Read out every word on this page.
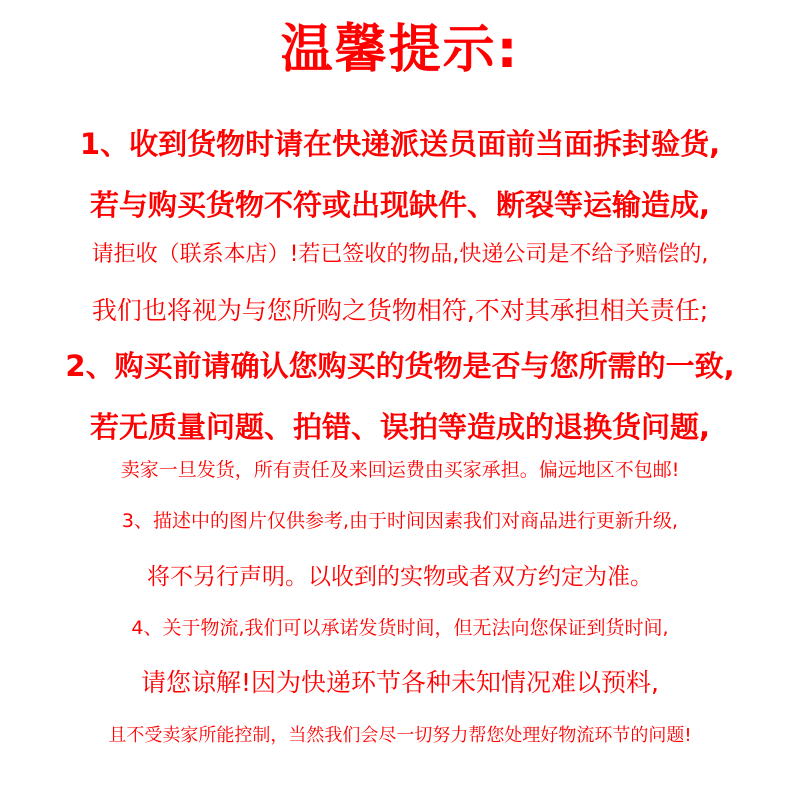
温馨提示:
1、收到货物时请在快递派送员面前当面拆封验货,
若与购买货物不符或出现缺件、断裂等运输造成,
请拒收（联系本店）!若已签收的物品,快递公司是不给予赔偿的,
我们也将视为与您所购之货物相符,不对其承担相关责任;
2、购买前请确认您购买的货物是否与您所需的一致,
若无质量问题、拍错、误拍等造成的退换货问题,
卖家一旦发货，所有责任及来回运费由买家承担。偏远地区不包邮!
3、描述中的图片仅供参考,由于时间因素我们对商品进行更新升级,
将不另行声明。以收到的实物或者双方约定为准。
4、关于物流,我们可以承诺发货时间，但无法向您保证到货时间,
请您谅解!因为快递环节各种未知情况难以预料,
且不受卖家所能控制，当然我们会尽一切努力帮您处理好物流环节的问题!
